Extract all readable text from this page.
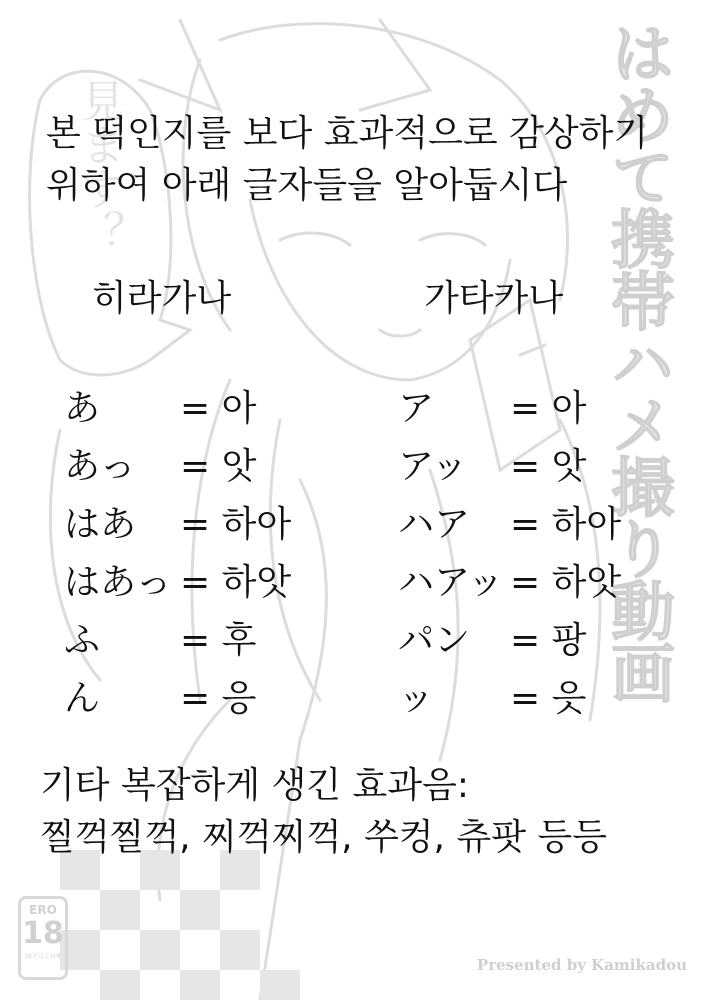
はめて携帯ハメ撮り動画
見ます？
본 떡인지를 보다 효과적으로 감상하기
위하여 아래 글자들을 알아둡시다
히라가나	가타카나
あ = 아
あっ = 앗
はあ = 하아
はあっ = 하앗
ふ = 후
ん = 응
ア = 아
アッ = 앗
ハア = 하아
ハアッ = 하앗
パン = 팡
ッ = 읏
기타 복잡하게 생긴 효과음:
찔꺽찔꺽, 찌꺽찌꺽, 쑤컹, 츄팟 등등
ERO
18
18才以上対象	Presented by Kamikadou
